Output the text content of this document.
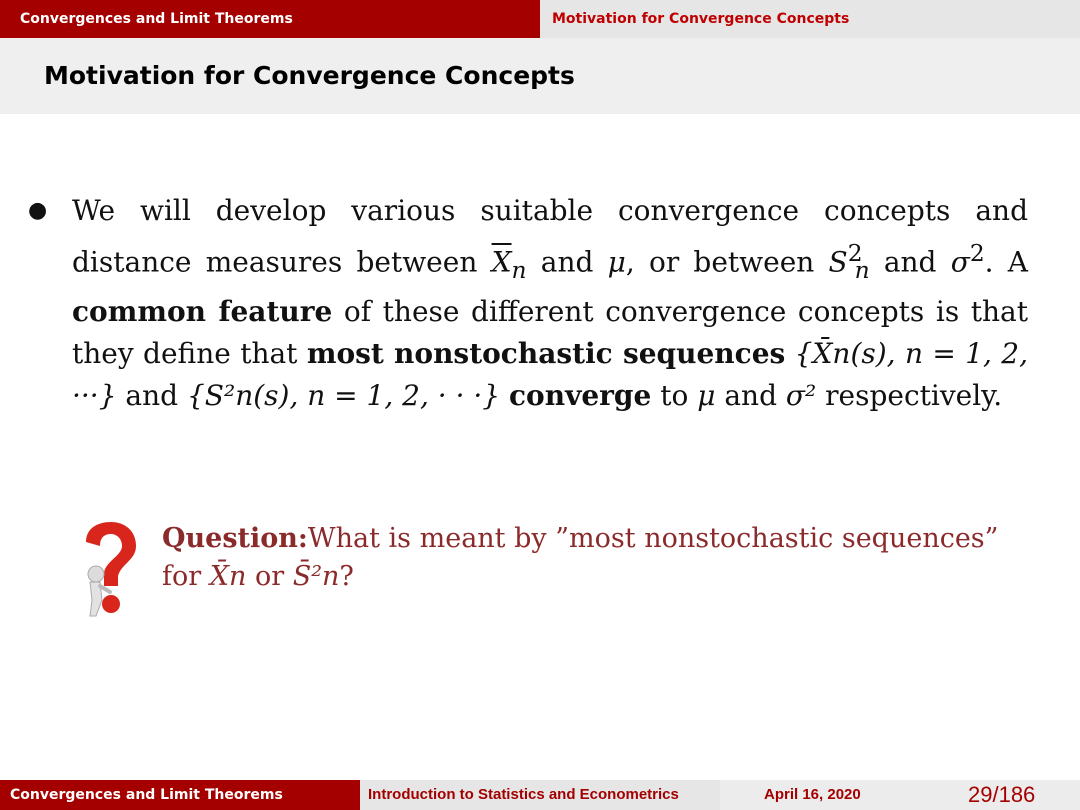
Convergences and Limit Theorems	Motivation for Convergence Concepts
Motivation for Convergence Concepts
● We will develop various suitable convergence concepts and distance measures between $\overline{X}_n$ and μ, or between $S^2_n$ and $\sigma^2$. A common feature of these different convergence concepts is that they define that most nonstochastic sequences {X̄n(s), n = 1, 2, ···} and {S²n(s), n = 1, 2, · · ·} converge to μ and σ² respectively.
Question:What is meant by ”most nonstochastic sequences” for X̄n or S̄²n?
Convergences and Limit Theorems	Introduction to Statistics and Econometrics	April 16, 2020	29/186
